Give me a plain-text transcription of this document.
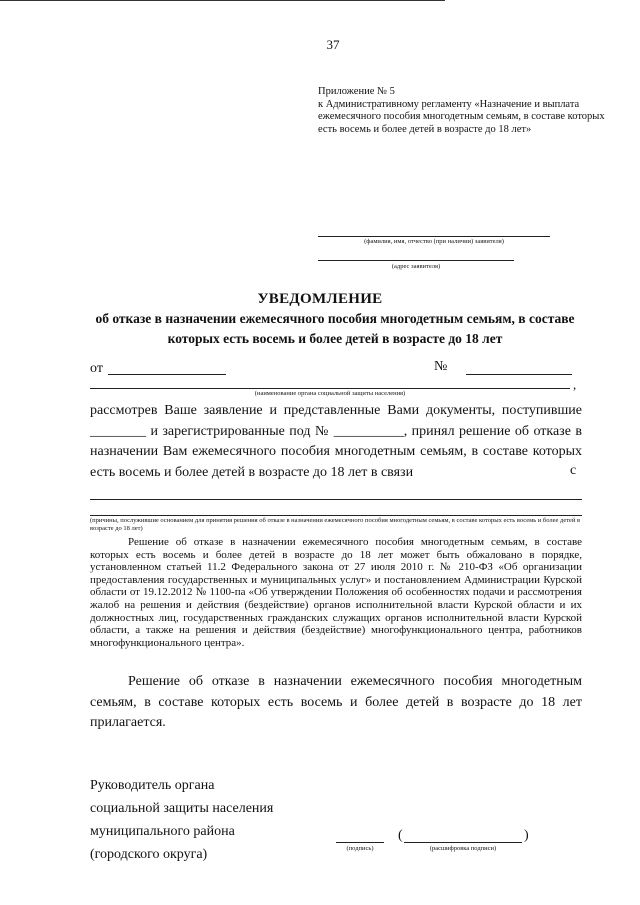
37
Приложение № 5
к Административному регламенту «Назначение и выплата ежемесячного пособия многодетным семьям, в составе которых есть восемь и более детей в возрасте до 18 лет»
(фамилия, имя, отчество (при наличии) заявителя)
(адрес заявителя)
УВЕДОМЛЕНИЕ
об отказе в назначении ежемесячного пособия многодетным семьям, в составе которых есть восемь и более детей в возрасте до 18 лет
от	№
,
(наименование органа социальной защиты населения)
рассмотрев Ваше заявление и представленные Вами документы, поступившие ________ и зарегистрированные под № __________, принял решение об отказе в назначении Вам ежемесячного пособия многодетным семьям, в составе которых есть восемь и более детей в возрасте до 18 лет в связи	с
(причины, послужившие основанием для принятия решения об отказе в назначении ежемесячного пособия многодетным семьям, в составе которых есть восемь и более детей в возрасте до 18 лет)
Решение об отказе в назначении ежемесячного пособия многодетным семьям, в составе которых есть восемь и более детей в возрасте до 18 лет может быть обжаловано в порядке, установленном статьей 11.2 Федерального закона от 27 июля 2010 г. № 210-ФЗ «Об организации предоставления государственных и муниципальных услуг» и постановлением Администрации Курской области от 19.12.2012 № 1100-па «Об утверждении Положения об особенностях подачи и рассмотрения жалоб на решения и действия (бездействие) органов исполнительной власти Курской области и их должностных лиц, государственных гражданских служащих органов исполнительной власти Курской области, а также на решения и действия (бездействие) многофункционального центра, работников многофункционального центра».
Решение об отказе в назначении ежемесячного пособия многодетным семьям, в составе которых есть восемь и более детей в возрасте до 18 лет прилагается.
Руководитель органа
социальной защиты населения
муниципального района
(городского округа)	(подпись)
(	)
(расшифровка подписи)
